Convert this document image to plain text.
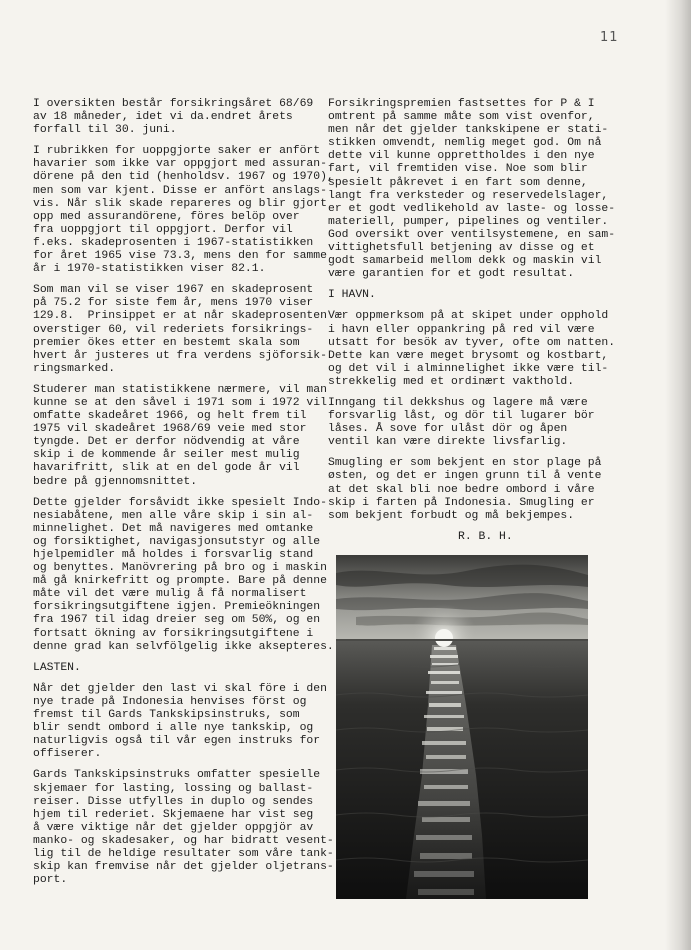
11
I oversikten består forsikringsåret 68/69
av 18 måneder, idet vi da.endret årets
forfall til 30. juni.
I rubrikken for uoppgjorte saker er anfört
havarier som ikke var oppgjort med assuran-
dörene på den tid (henholdsv. 1967 og 1970),
men som var kjent. Disse er anfört anslags-
vis. Når slik skade repareres og blir gjort
opp med assurandörene, föres belöp over
fra uoppgjort til oppgjort. Derfor vil
f.eks. skadeprosenten i 1967-statistikken
for året 1965 vise 73.3, mens den for samme
år i 1970-statistikken viser 82.1.
Som man vil se viser 1967 en skadeprosent
på 75.2 for siste fem år, mens 1970 viser
129.8.  Prinsippet er at når skadeprosenten
overstiger 60, vil rederiets forsikrings-
premier ökes etter en bestemt skala som
hvert år justeres ut fra verdens sjöforsik-
ringsmarked.
Studerer man statistikkene nærmere, vil man
kunne se at den såvel i 1971 som i 1972 vil
omfatte skadeåret 1966, og helt frem til
1975 vil skadeåret 1968/69 veie med stor
tyngde. Det er derfor nödvendig at våre
skip i de kommende år seiler mest mulig
havarifritt, slik at en del gode år vil
bedre på gjennomsnittet.
Dette gjelder forsåvidt ikke spesielt Indo-
nesiabåtene, men alle våre skip i sin al-
minnelighet. Det må navigeres med omtanke
og forsiktighet, navigasjonsutstyr og alle
hjelpemidler må holdes i forsvarlig stand
og benyttes. Manövrering på bro og i maskin
må gå knirkefritt og prompte. Bare på denne
måte vil det være mulig å få normalisert
forsikringsutgiftene igjen. Premieökningen
fra 1967 til idag dreier seg om 50%, og en
fortsatt ökning av forsikringsutgiftene i
denne grad kan selvfölgelig ikke aksepteres.
LASTEN.
Når det gjelder den last vi skal före i den
nye trade på Indonesia henvises först og
fremst til Gards Tankskipsinstruks, som
blir sendt ombord i alle nye tankskip, og
naturligvis også til vår egen instruks for
offiserer.
Gards Tankskipsinstruks omfatter spesielle
skjemaer for lasting, lossing og ballast-
reiser. Disse utfylles in duplo og sendes
hjem til rederiet. Skjemaene har vist seg
å være viktige når det gjelder oppgjör av
manko- og skadesaker, og har bidratt vesent-
lig til de heldige resultater som våre tank-
skip kan fremvise når det gjelder oljetrans-
port.
Forsikringspremien fastsettes for P & I
omtrent på samme måte som vist ovenfor,
men når det gjelder tankskipene er stati-
stikken omvendt, nemlig meget god. Om nå
dette vil kunne opprettholdes i den nye
fart, vil fremtiden vise. Noe som blir
spesielt påkrevet i en fart som denne,
langt fra verksteder og reservedelslager,
er et godt vedlikehold av laste- og losse-
materiell, pumper, pipelines og ventiler.
God oversikt over ventilsystemene, en sam-
vittighetsfull betjening av disse og et
godt samarbeid mellom dekk og maskin vil
være garantien for et godt resultat.
I HAVN.
Vær oppmerksom på at skipet under opphold
i havn eller oppankring på red vil være
utsatt for besök av tyver, ofte om natten.
Dette kan være meget brysomt og kostbart,
og det vil i alminnelighet ikke være til-
strekkelig med et ordinært vakthold.
Inngang til dekkshus og lagere må være
forsvarlig låst, og dör til lugarer bör
låses. Å sove for ulåst dör og åpen
ventil kan være direkte livsfarlig.
Smugling er som bekjent en stor plage på
østen, og det er ingen grunn til å vente
at det skal bli noe bedre ombord i våre
skip i farten på Indonesia. Smugling er
som bekjent forbudt og må bekjempes.
R. B. H.
